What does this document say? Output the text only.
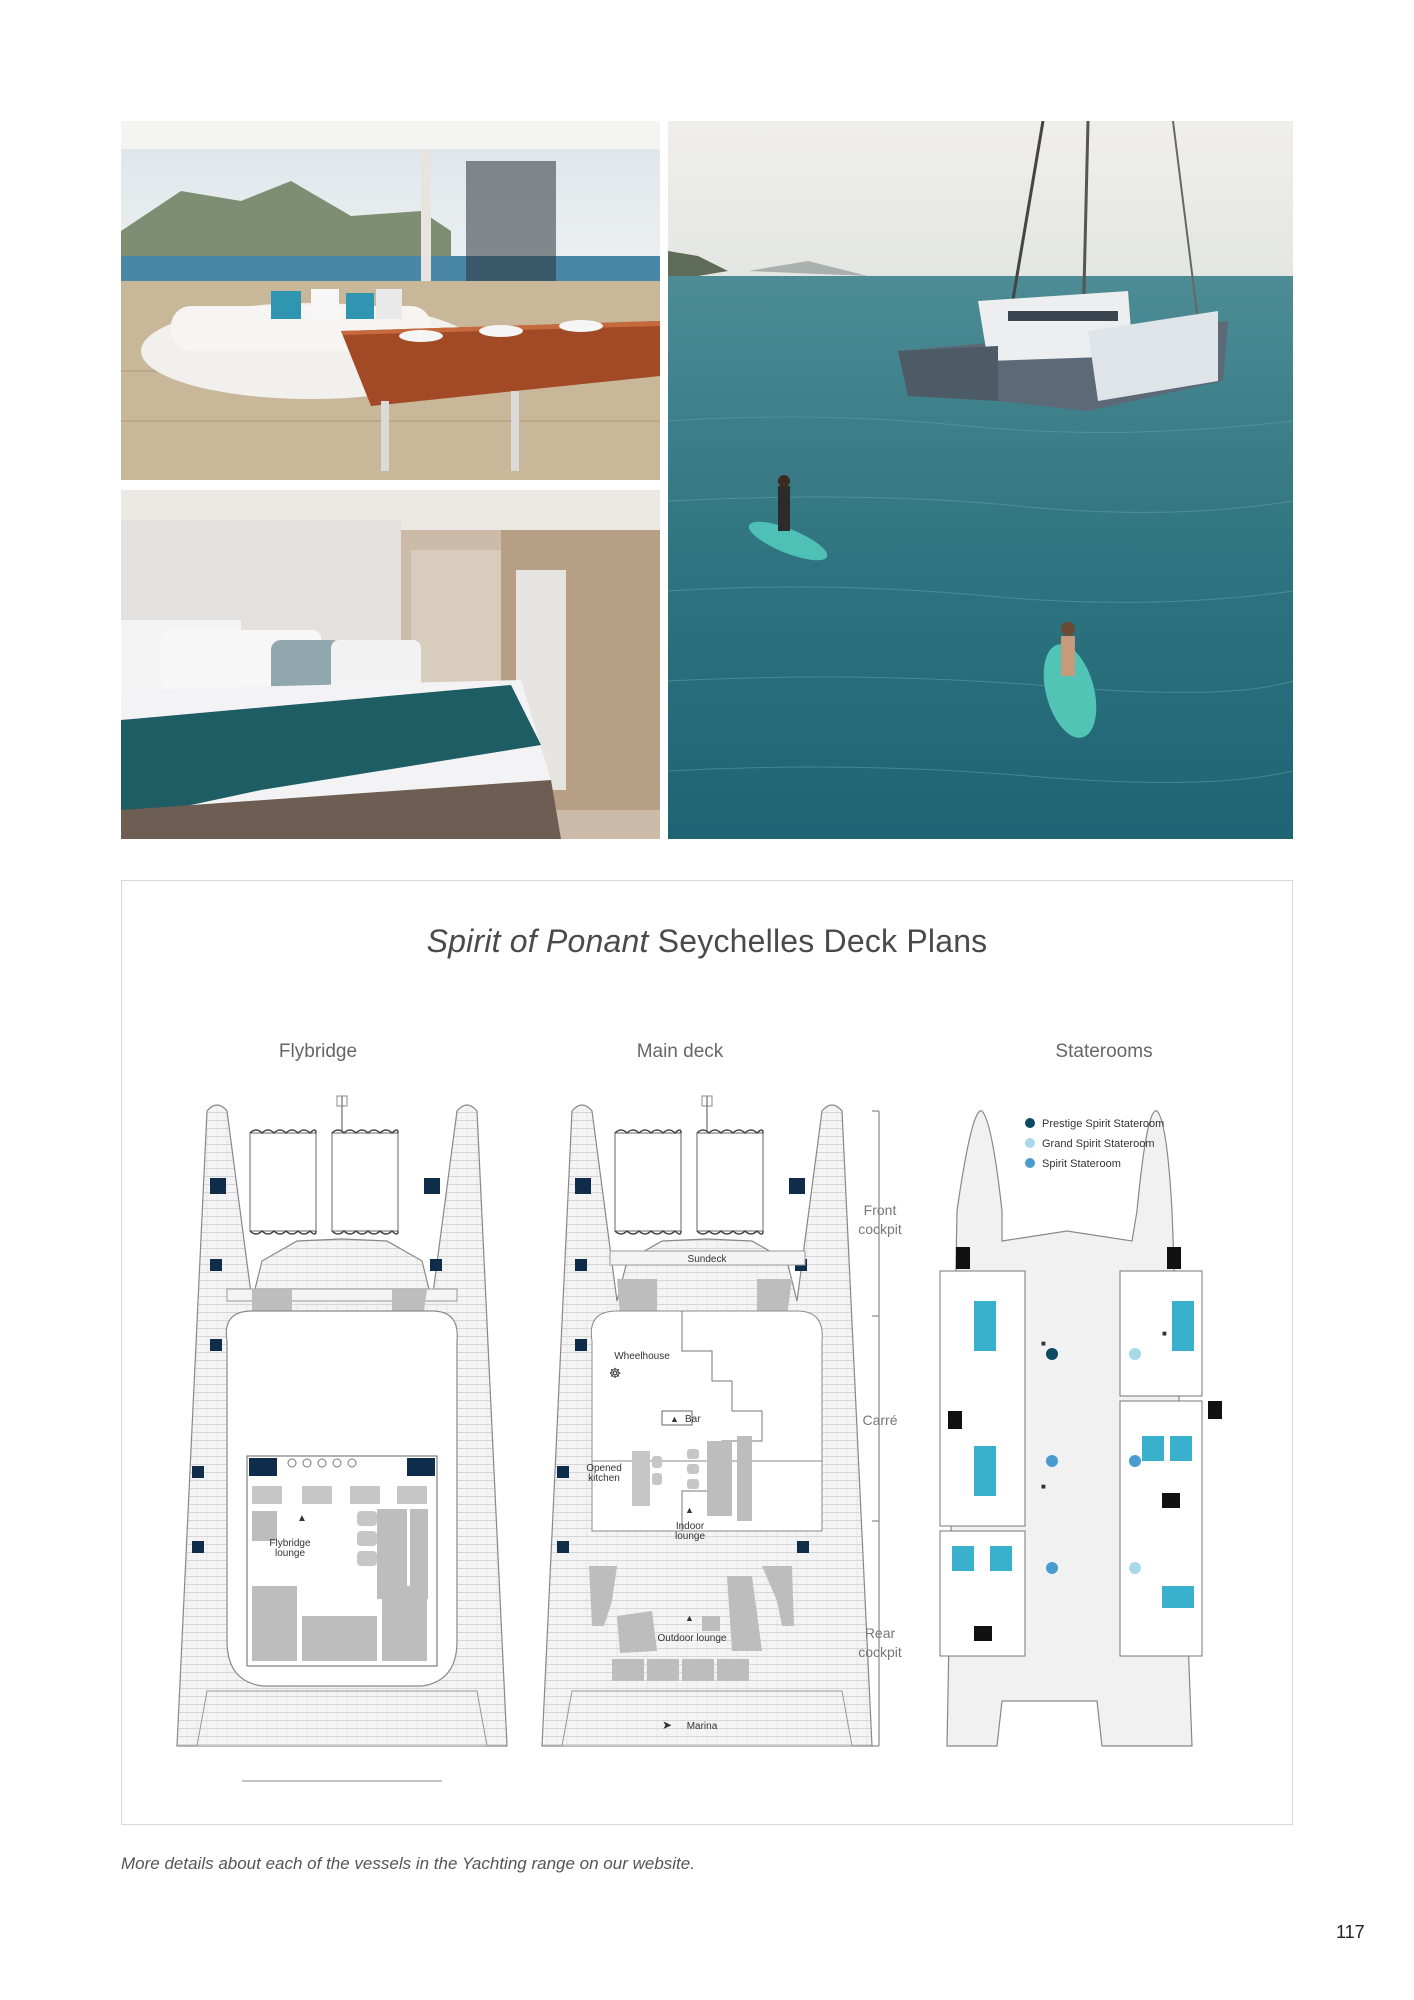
Spirit of Ponant Seychelles Deck Plans
Flybridge	Main deck	Staterooms
▲
Flybridge
lounge
Sundeck
Wheelhouse
☸
▲ Bar
Opened
kitchen
▲
Indoor
lounge
▲
Outdoor lounge
➤ Marina
■
■
■
Prestige Spirit Stateroom
Grand Spirit Stateroom
Spirit Stateroom
Front
cockpit
Carré
Rear
cockpit
More details about each of the vessels in the Yachting range on our website.
117
